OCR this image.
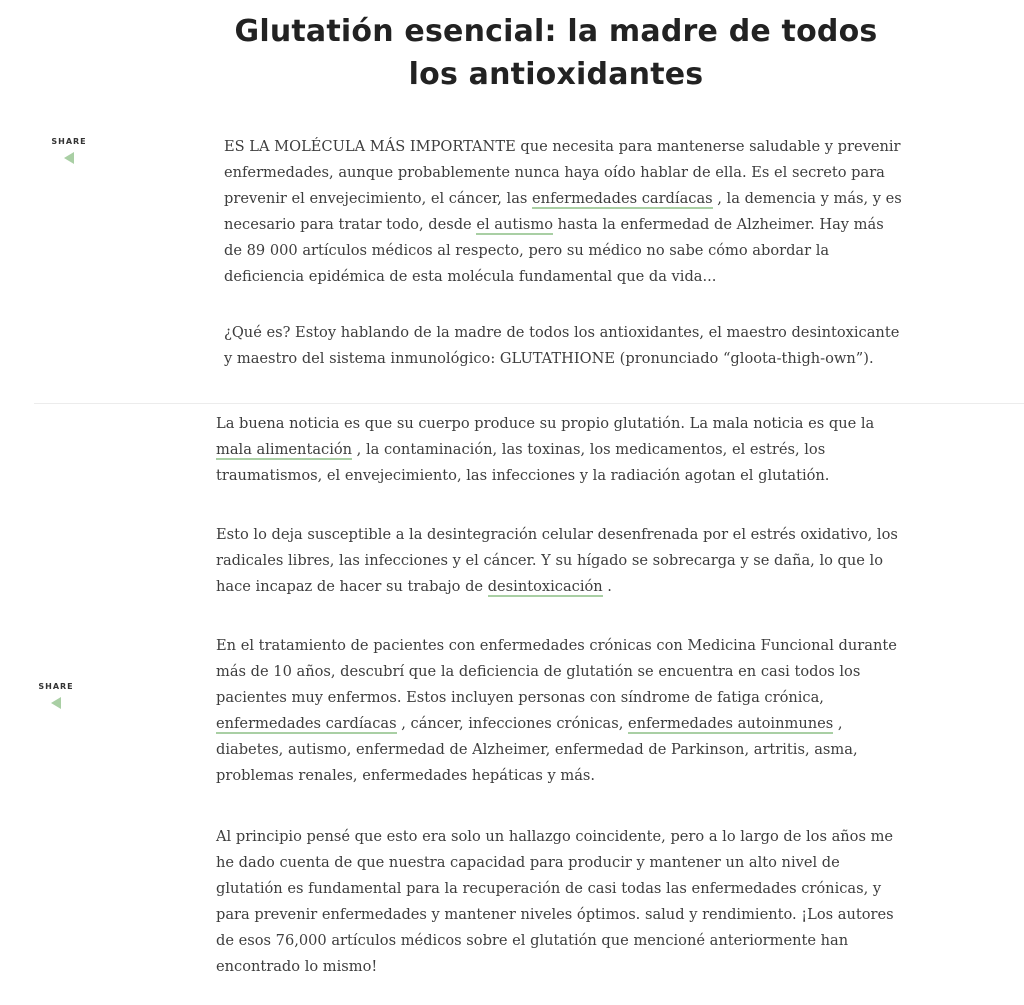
Glutatión esencial: la madre de todos
los antioxidantes
SHARE
SHARE

ES LA MOLÉCULA MÁS IMPORTANTE que necesita para mantenerse saludable y prevenir
enfermedades, aunque probablemente nunca haya oído hablar de ella. Es el secreto para
prevenir el envejecimiento, el cáncer, las enfermedades cardíacas , la demencia y más, y es
necesario para tratar todo, desde el autismo hasta la enfermedad de Alzheimer. Hay más
de 89 000 artículos médicos al respecto, pero su médico no sabe cómo abordar la
deficiencia epidémica de esta molécula fundamental que da vida...

¿Qué es? Estoy hablando de la madre de todos los antioxidantes, el maestro desintoxicante
y maestro del sistema inmunológico: GLUTATHIONE (pronunciado “gloota-thigh-own”).

La buena noticia es que su cuerpo produce su propio glutatión. La mala noticia es que la
mala alimentación , la contaminación, las toxinas, los medicamentos, el estrés, los
traumatismos, el envejecimiento, las infecciones y la radiación agotan el glutatión.

Esto lo deja susceptible a la desintegración celular desenfrenada por el estrés oxidativo, los
radicales libres, las infecciones y el cáncer. Y su hígado se sobrecarga y se daña, lo que lo
hace incapaz de hacer su trabajo de desintoxicación .

En el tratamiento de pacientes con enfermedades crónicas con Medicina Funcional durante
más de 10 años, descubrí que la deficiencia de glutatión se encuentra en casi todos los
pacientes muy enfermos. Estos incluyen personas con síndrome de fatiga crónica,
enfermedades cardíacas , cáncer, infecciones crónicas, enfermedades autoinmunes ,
diabetes, autismo, enfermedad de Alzheimer, enfermedad de Parkinson, artritis, asma,
problemas renales, enfermedades hepáticas y más.

Al principio pensé que esto era solo un hallazgo coincidente, pero a lo largo de los años me
he dado cuenta de que nuestra capacidad para producir y mantener un alto nivel de
glutatión es fundamental para la recuperación de casi todas las enfermedades crónicas, y
para prevenir enfermedades y mantener niveles óptimos. salud y rendimiento. ¡Los autores
de esos 76,000 artículos médicos sobre el glutatión que mencioné anteriormente han
encontrado lo mismo!
